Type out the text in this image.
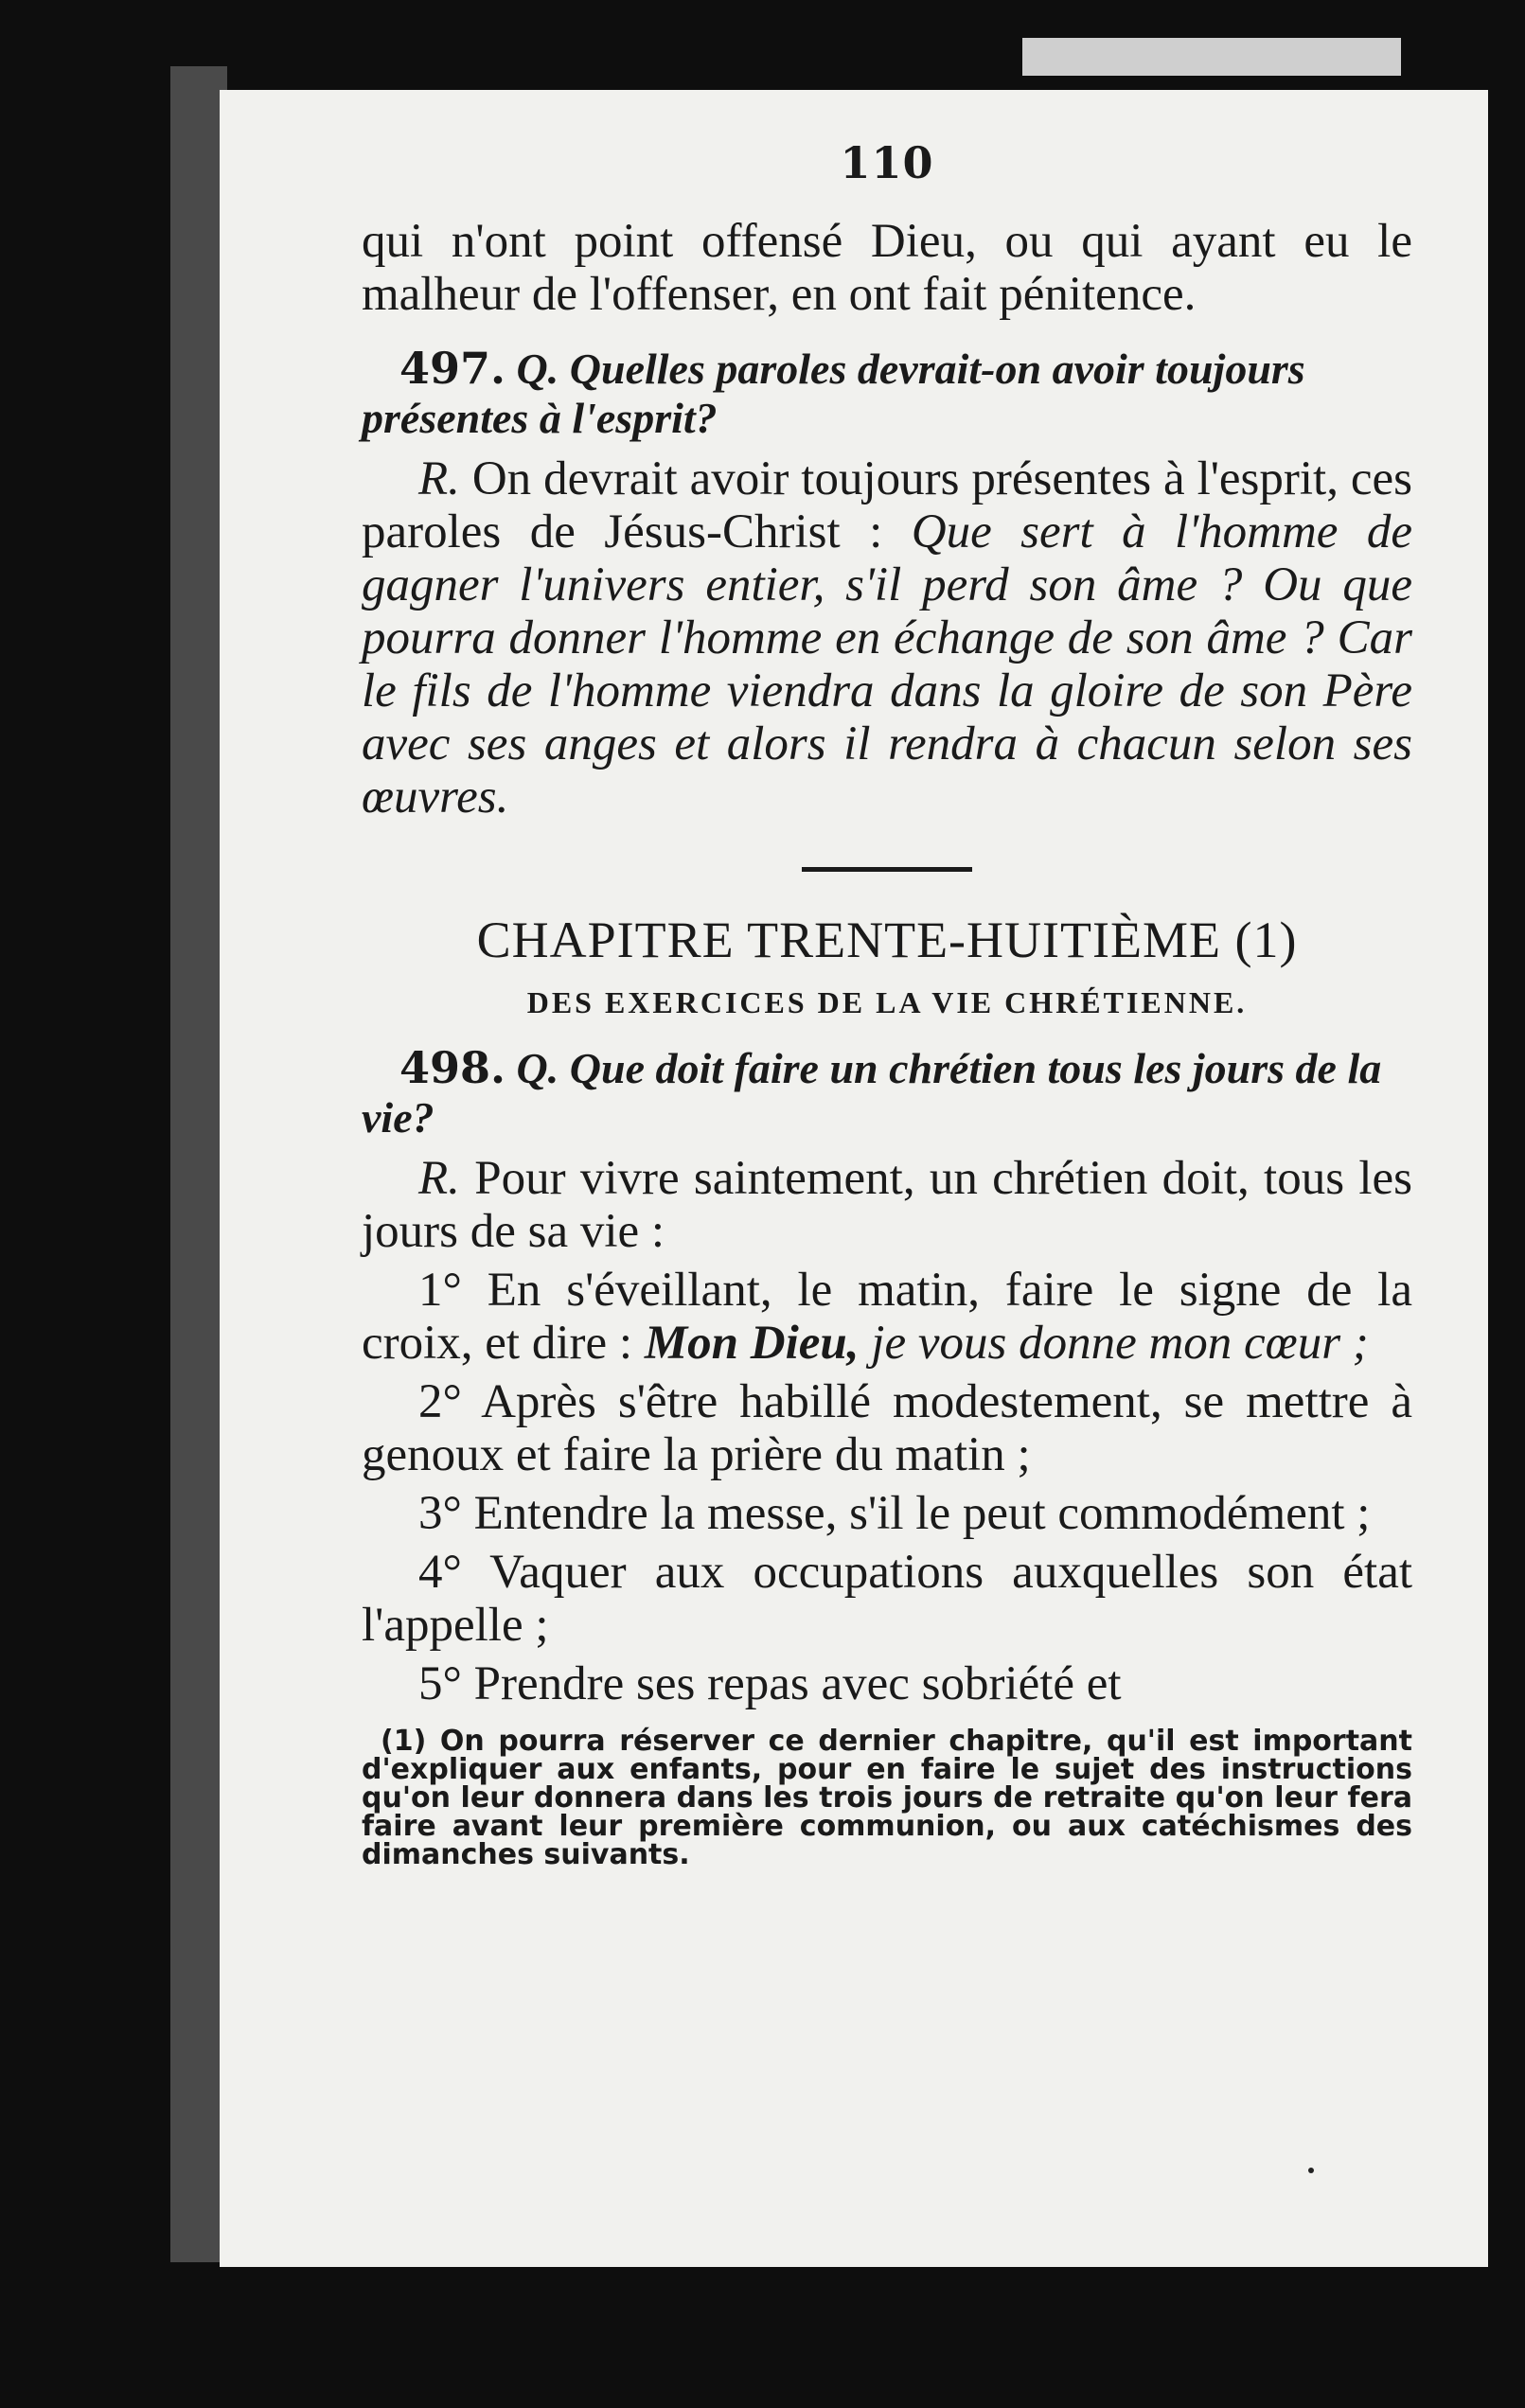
110

qui n'ont point offensé Dieu, ou qui ayant eu le malheur de l'offenser, en ont fait pénitence.

497. Q. Quelles paroles devrait-on avoir toujours présentes à l'esprit?

R. On devrait avoir toujours présentes à l'esprit, ces paroles de Jésus-Christ : Que sert à l'homme de gagner l'univers entier, s'il perd son âme ? Ou que pourra donner l'homme en échange de son âme ? Car le fils de l'homme viendra dans la gloire de son Père avec ses anges et alors il rendra à chacun selon ses œuvres.

CHAPITRE TRENTE-HUITIÈME (1)
DES EXERCICES DE LA VIE CHRÉTIENNE.
498. Q. Que doit faire un chrétien tous les jours de la vie?

R. Pour vivre saintement, un chrétien doit, tous les jours de sa vie :

1° En s'éveillant, le matin, faire le signe de la croix, et dire : Mon Dieu, je vous donne mon cœur ;
2° Après s'être habillé modestement, se mettre à genoux et faire la prière du matin ;
3° Entendre la messe, s'il le peut commodément ;
4° Vaquer aux occupations auxquelles son état l'appelle ;
5° Prendre ses repas avec sobriété et
(1) On pourra réserver ce dernier chapitre, qu'il est important d'expliquer aux enfants, pour en faire le sujet des instructions qu'on leur donnera dans les trois jours de retraite qu'on leur fera faire avant leur première communion, ou aux catéchismes des dimanches suivants.
